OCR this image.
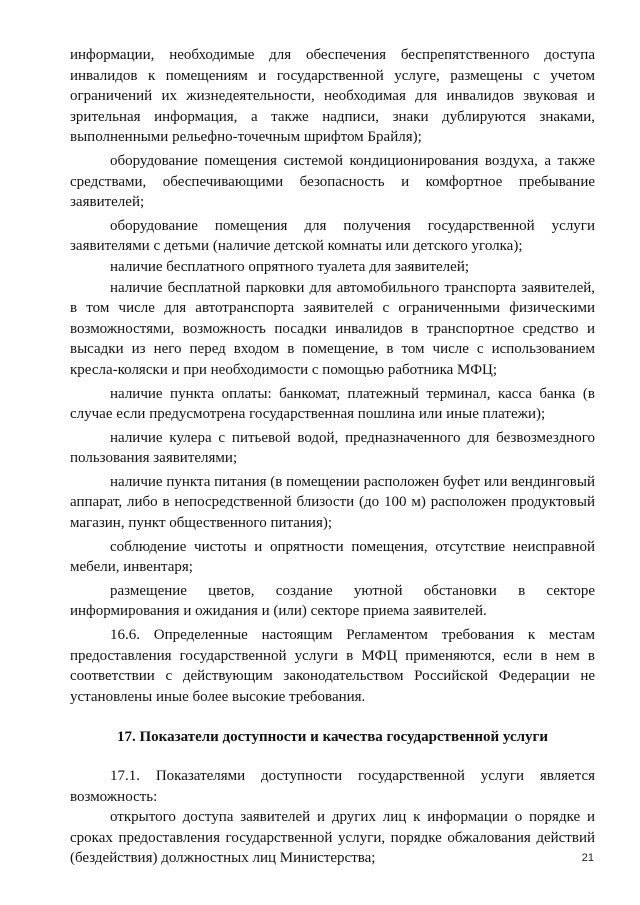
информации, необходимые для обеспечения беспрепятственного доступа инвалидов к помещениям и государственной услуге, размещены с учетом ограничений их жизнедеятельности, необходимая для инвалидов звуковая и зрительная информация, а также надписи, знаки дублируются знаками, выполненными рельефно-точечным шрифтом Брайля);

оборудование помещения системой кондиционирования воздуха, а также средствами, обеспечивающими безопасность и комфортное пребывание заявителей;

оборудование помещения для получения государственной услуги заявителями с детьми (наличие детской комнаты или детского уголка);

наличие бесплатного опрятного туалета для заявителей;

наличие бесплатной парковки для автомобильного транспорта заявителей, в том числе для автотранспорта заявителей с ограниченными физическими возможностями, возможность посадки инвалидов в транспортное средство и высадки из него перед входом в помещение, в том числе с использованием кресла-коляски и при необходимости с помощью работника МФЦ;

наличие пункта оплаты: банкомат, платежный терминал, касса банка (в случае если предусмотрена государственная пошлина или иные платежи);

наличие кулера с питьевой водой, предназначенного для безвозмездного пользования заявителями;

наличие пункта питания (в помещении расположен буфет или вендинговый аппарат, либо в непосредственной близости (до 100 м) расположен продуктовый магазин, пункт общественного питания);

соблюдение чистоты и опрятности помещения, отсутствие неисправной мебели, инвентаря;

размещение цветов, создание уютной обстановки в секторе информирования и ожидания и (или) секторе приема заявителей.

16.6. Определенные настоящим Регламентом требования к местам предоставления государственной услуги в МФЦ применяются, если в нем в соответствии с действующим законодательством Российской Федерации не установлены иные более высокие требования.

17. Показатели доступности и качества государственной услуги

17.1. Показателями доступности государственной услуги является возможность:

открытого доступа заявителей и других лиц к информации о порядке и сроках предоставления государственной услуги, порядке обжалования действий (бездействия) должностных лиц Министерства;	21
